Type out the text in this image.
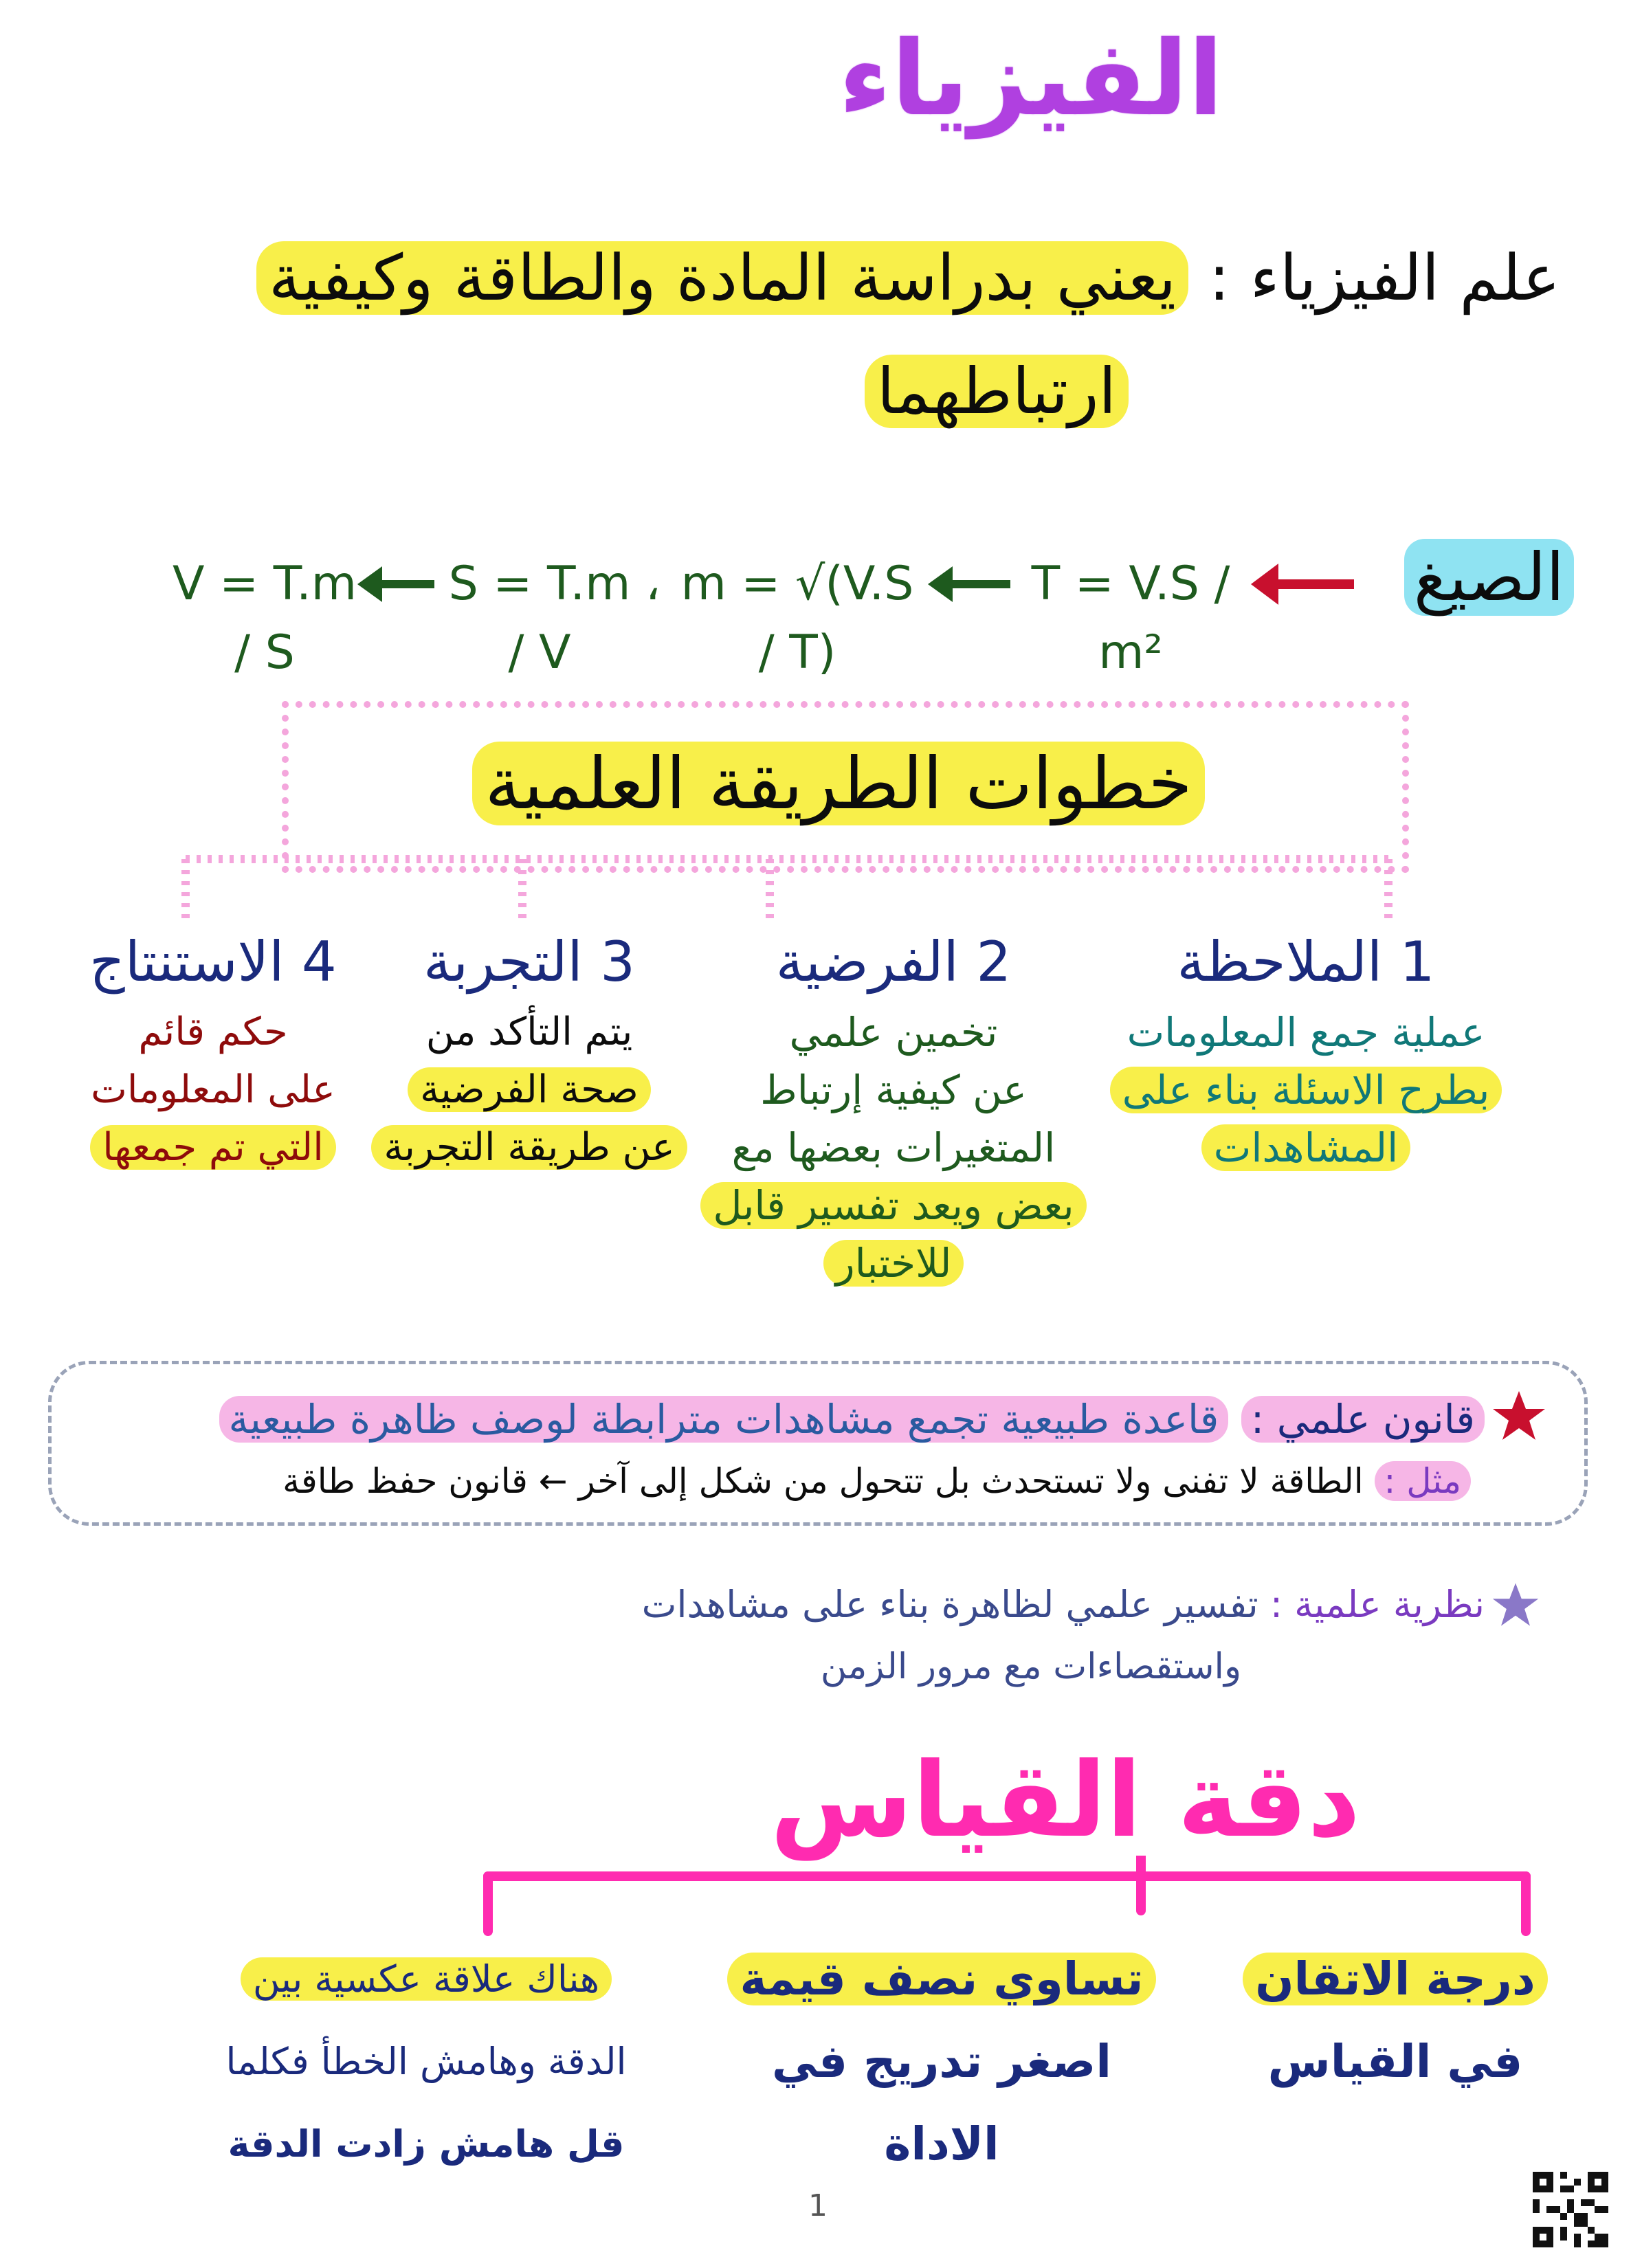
الفيزياء
علم الفيزياء : يعني بدراسة المادة والطاقة وكيفية
ارتباطهما
الصيغ
T = V.S / m²
m = √(V.S / T)
،
S = T.m / V
V = T.m / S
خطوات الطريقة العلمية
1 الملاحظة
عملية جمع المعلومات
بطرح الاسئلة بناء على
المشاهدات
2 الفرضية
تخمين علمي
عن كيفية إرتباط
المتغيرات بعضها مع
بعض ويعد تفسير قابل
للاختبار
3 التجربة
يتم التأكد من
صحة الفرضية
عن طريقة التجربة
4 الاستنتاج
حكم قائم
على المعلومات
التي تم جمعها
قانون علمي : قاعدة طبيعية تجمع مشاهدات مترابطة لوصف ظاهرة طبيعية
مثل : الطاقة لا تفنى ولا تستحدث بل تتحول من شكل إلى آخر ← قانون حفظ طاقة
نظرية علمية : تفسير علمي لظاهرة بناء على مشاهدات
واستقصاءات مع مرور الزمن
دقة القياس
درجة الاتقان
في القياس
تساوي نصف قيمة
اصغر تدريج في
الاداة
هناك علاقة عكسية بين
الدقة وهامش الخطأ فكلما
قل هامش زادت الدقة
1
